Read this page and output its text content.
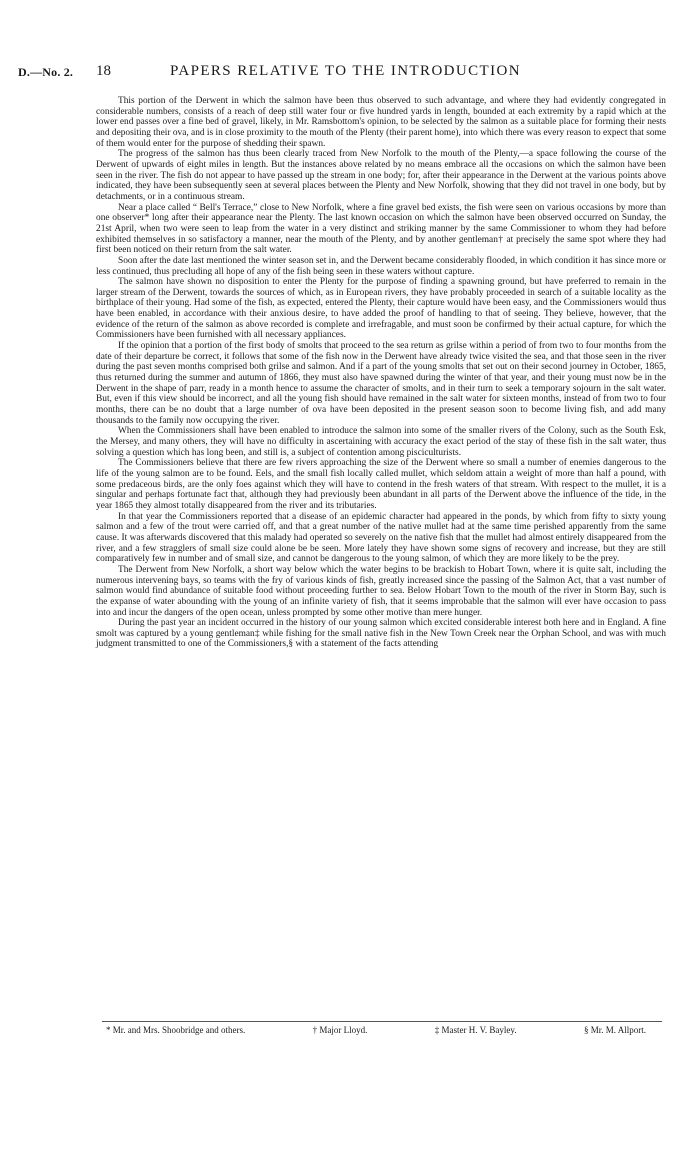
D.—No. 2. 18	PAPERS RELATIVE TO THE INTRODUCTION

This portion of the Derwent in which the salmon have been thus observed to such advantage, and where they had evidently congregated in considerable numbers, consists of a reach of deep still water four or five hundred yards in length, bounded at each extremity by a rapid which at the lower end passes over a fine bed of gravel, likely, in Mr. Ramsbottom's opinion, to be selected by the salmon as a suitable place for forming their nests and depositing their ova, and is in close proximity to the mouth of the Plenty (their parent home), into which there was every reason to expect that some of them would enter for the purpose of shedding their spawn.

The progress of the salmon has thus been clearly traced from New Norfolk to the mouth of the Plenty,—a space following the course of the Derwent of upwards of eight miles in length. But the instances above related by no means embrace all the occasions on which the salmon have been seen in the river. The fish do not appear to have passed up the stream in one body; for, after their appearance in the Derwent at the various points above indicated, they have been subsequently seen at several places between the Plenty and New Norfolk, showing that they did not travel in one body, but by detachments, or in a continuous stream.

Near a place called “ Bell's Terrace,” close to New Norfolk, where a fine gravel bed exists, the fish were seen on various occasions by more than one observer* long after their appearance near the Plenty. The last known occasion on which the salmon have been observed occurred on Sunday, the 21st April, when two were seen to leap from the water in a very distinct and striking manner by the same Commissioner to whom they had before exhibited themselves in so satisfactory a manner, near the mouth of the Plenty, and by another gentleman† at precisely the same spot where they had first been noticed on their return from the salt water.

Soon after the date last mentioned the winter season set in, and the Derwent became considerably flooded, in which condition it has since more or less continued, thus precluding all hope of any of the fish being seen in these waters without capture.

The salmon have shown no disposition to enter the Plenty for the purpose of finding a spawning ground, but have preferred to remain in the larger stream of the Derwent, towards the sources of which, as in European rivers, they have probably proceeded in search of a suitable locality as the birthplace of their young. Had some of the fish, as expected, entered the Plenty, their capture would have been easy, and the Commissioners would thus have been enabled, in accordance with their anxious desire, to have added the proof of handling to that of seeing. They believe, however, that the evidence of the return of the salmon as above recorded is complete and irrefragable, and must soon be confirmed by their actual capture, for which the Commissioners have been furnished with all necessary appliances.

If the opinion that a portion of the first body of smolts that proceed to the sea return as grilse within a period of from two to four months from the date of their departure be correct, it follows that some of the fish now in the Derwent have already twice visited the sea, and that those seen in the river during the past seven months comprised both grilse and salmon. And if a part of the young smolts that set out on their second journey in October, 1865, thus returned during the summer and autumn of 1866, they must also have spawned during the winter of that year, and their young must now be in the Derwent in the shape of parr, ready in a month hence to assume the character of smolts, and in their turn to seek a temporary sojourn in the salt water. But, even if this view should be incorrect, and all the young fish should have remained in the salt water for sixteen months, instead of from two to four months, there can be no doubt that a large number of ova have been deposited in the present season soon to become living fish, and add many thousands to the family now occupying the river.

When the Commissioners shall have been enabled to introduce the salmon into some of the smaller rivers of the Colony, such as the South Esk, the Mersey, and many others, they will have no difficulty in ascertaining with accuracy the exact period of the stay of these fish in the salt water, thus solving a question which has long been, and still is, a subject of contention among pisciculturists.

The Commissioners believe that there are few rivers approaching the size of the Derwent where so small a number of enemies dangerous to the life of the young salmon are to be found. Eels, and the small fish locally called mullet, which seldom attain a weight of more than half a pound, with some predaceous birds, are the only foes against which they will have to contend in the fresh waters of that stream. With respect to the mullet, it is a singular and perhaps fortunate fact that, although they had previously been abundant in all parts of the Derwent above the influence of the tide, in the year 1865 they almost totally disappeared from the river and its tributaries.

In that year the Commissioners reported that a disease of an epidemic character had appeared in the ponds, by which from fifty to sixty young salmon and a few of the trout were carried off, and that a great number of the native mullet had at the same time perished apparently from the same cause. It was afterwards discovered that this malady had operated so severely on the native fish that the mullet had almost entirely disappeared from the river, and a few stragglers of small size could alone be be seen. More lately they have shown some signs of recovery and increase, but they are still comparatively few in number and of small size, and cannot be dangerous to the young salmon, of which they are more likely to be the prey.

The Derwent from New Norfolk, a short way below which the water begins to be brackish to Hobart Town, where it is quite salt, including the numerous intervening bays, so teams with the fry of various kinds of fish, greatly increased since the passing of the Salmon Act, that a vast number of salmon would find abundance of suitable food without proceeding further to sea. Below Hobart Town to the mouth of the river in Storm Bay, such is the expanse of water abounding with the young of an infinite variety of fish, that it seems improbable that the salmon will ever have occasion to pass into and incur the dangers of the open ocean, unless prompted by some other motive than mere hunger.

During the past year an incident occurred in the history of our young salmon which excited considerable interest both here and in England. A fine smolt was captured by a young gentleman‡ while fishing for the small native fish in the New Town Creek near the Orphan School, and was with much judgment transmitted to one of the Commissioners,§ with a statement of the facts attending

* Mr. and Mrs. Shoobridge and others.	† Major Lloyd.	‡ Master H. V. Bayley.	§ Mr. M. Allport.
